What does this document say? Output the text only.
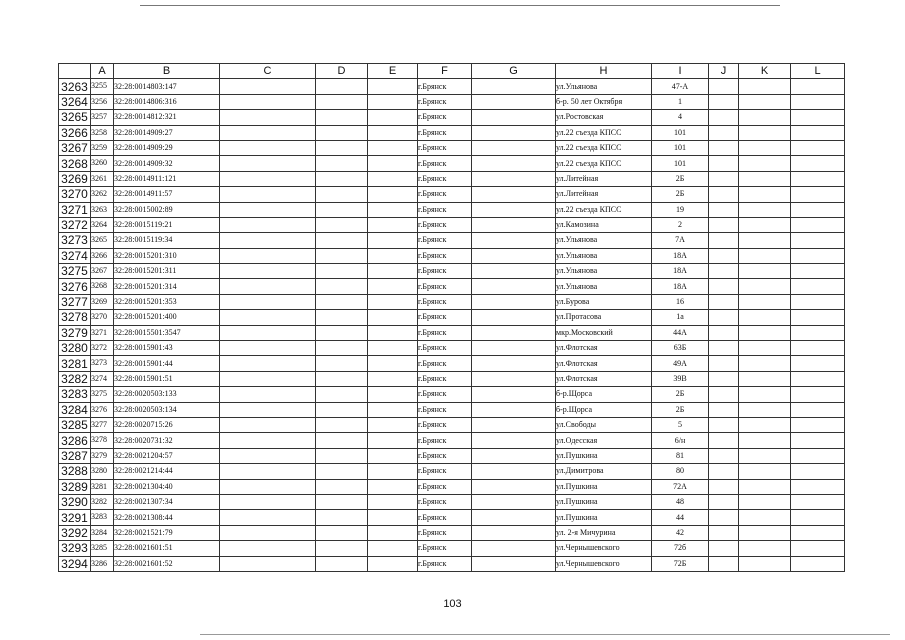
	A	B	C	D	E	F	G	H	I	J	K	L
3263	3255	32:28:0014803:147				г.Брянск		ул.Ульянова	47-А			
3264	3256	32:28:0014806:316				г.Брянск		б-р. 50 лет Октября	1			
3265	3257	32:28:0014812:321				г.Брянск		ул.Ростовская	4			
3266	3258	32:28:0014909:27				г.Брянск		ул.22 съезда КПСС	101			
3267	3259	32:28:0014909:29				г.Брянск		ул.22 съезда КПСС	101			
3268	3260	32:28:0014909:32				г.Брянск		ул.22 съезда КПСС	101			
3269	3261	32:28:0014911:121				г.Брянск		ул.Литейная	2Б			
3270	3262	32:28:0014911:57				г.Брянск		ул.Литейная	2Б			
3271	3263	32:28:0015002:89				г.Брянск		ул.22 съезда КПСС	19			
3272	3264	32:28:0015119:21				г.Брянск		ул.Камозина	2			
3273	3265	32:28:0015119:34				г.Брянск		ул.Ульянова	7А			
3274	3266	32:28:0015201:310				г.Брянск		ул.Ульянова	18А			
3275	3267	32:28:0015201:311				г.Брянск		ул.Ульянова	18А			
3276	3268	32:28:0015201:314				г.Брянск		ул.Ульянова	18А			
3277	3269	32:28:0015201:353				г.Брянск		ул.Бурова	16			
3278	3270	32:28:0015201:400				г.Брянск		ул.Протасова	1а			
3279	3271	32:28:0015501:3547				г.Брянск		мкр.Московский	44А			
3280	3272	32:28:0015901:43				г.Брянск		ул.Флотская	63Б			
3281	3273	32:28:0015901:44				г.Брянск		ул.Флотская	49А			
3282	3274	32:28:0015901:51				г.Брянск		ул.Флотская	39В			
3283	3275	32:28:0020503:133				г.Брянск		б-р.Щорса	2Б			
3284	3276	32:28:0020503:134				г.Брянск		б-р.Щорса	2Б			
3285	3277	32:28:0020715:26				г.Брянск		ул.Свободы	5			
3286	3278	32:28:0020731:32				г.Брянск		ул.Одесская	6/н			
3287	3279	32:28:0021204:57				г.Брянск		ул.Пушкина	81			
3288	3280	32:28:0021214:44				г.Брянск		ул.Димитрова	80			
3289	3281	32:28:0021304:40				г.Брянск		ул.Пушкина	72А			
3290	3282	32:28:0021307:34				г.Брянск		ул.Пушкина	48			
3291	3283	32:28:0021308:44				г.Брянск		ул.Пушкина	44			
3292	3284	32:28:0021521:79				г.Брянск		ул. 2-я Мичурина	42			
3293	3285	32:28:0021601:51				г.Брянск		ул.Чернышевского	72б			
3294	3286	32:28:0021601:52				г.Брянск		ул.Чернышевского	72Б			
103
